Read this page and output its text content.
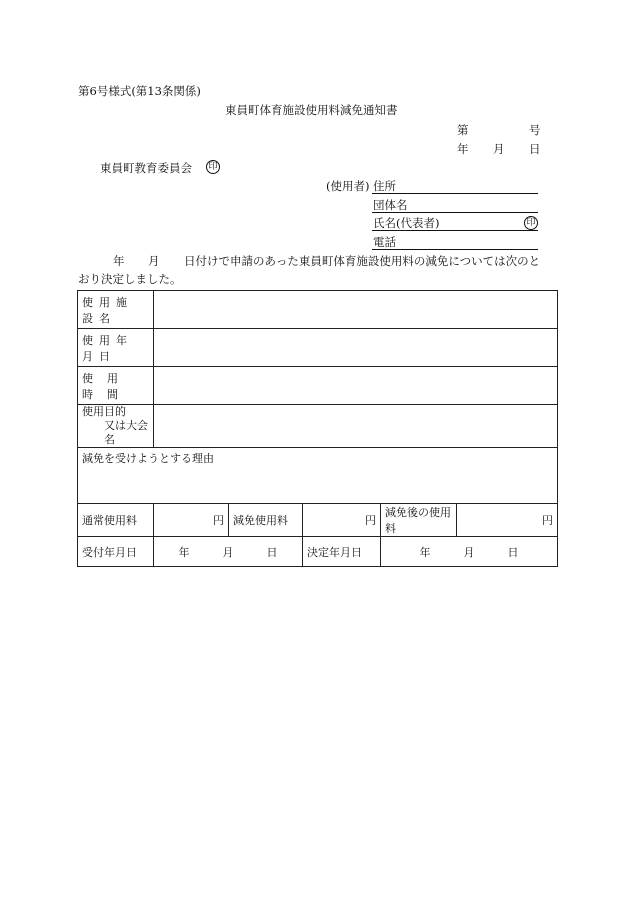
第6号様式(第13条関係)
東員町体育施設使用料減免通知書
第	号
年 月 日
東員町教育委員会 印
(使用者) 住所
団体名
氏名(代表者)	印
電話
年 月 日付けで申請のあった東員町体育施設使用料の減免については次のと
おり決定しました。
使用施設名					
使用年月日					
使用時間					

使用目的
又は大会名					

減免を受けようとする理由					
通常使用料	円	減免使用料	円	減免後の使用料	円
受付年月日	年 月 日		決定年月日	年 月 日	
